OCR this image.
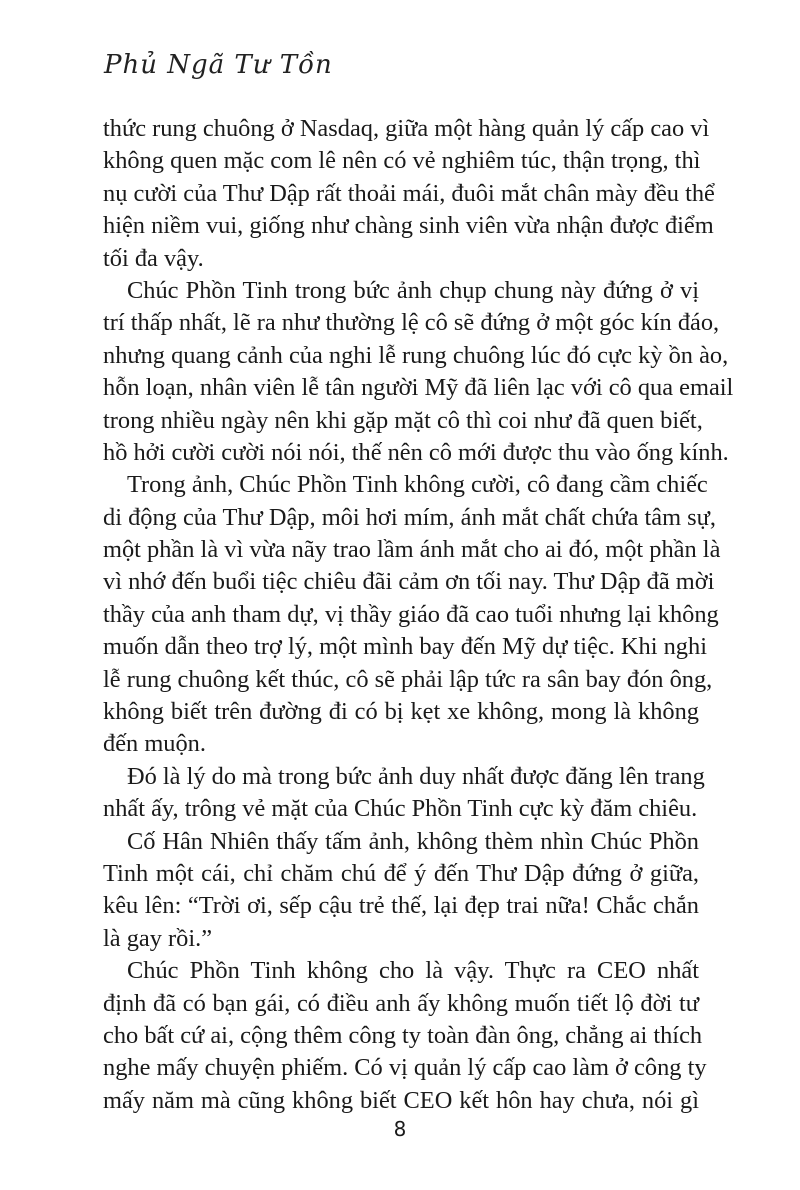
Phủ Ngã Tư Tồn
thức rung chuông ở Nasdaq, giữa một hàng quản lý cấp cao vì
không quen mặc com lê nên có vẻ nghiêm túc, thận trọng, thì
nụ cười của Thư Dập rất thoải mái, đuôi mắt chân mày đều thể
hiện niềm vui, giống như chàng sinh viên vừa nhận được điểm
tối đa vậy.
Chúc Phồn Tinh trong bức ảnh chụp chung này đứng ở vị
trí thấp nhất, lẽ ra như thường lệ cô sẽ đứng ở một góc kín đáo,
nhưng quang cảnh của nghi lễ rung chuông lúc đó cực kỳ ồn ào,
hỗn loạn, nhân viên lễ tân người Mỹ đã liên lạc với cô qua email
trong nhiều ngày nên khi gặp mặt cô thì coi như đã quen biết,
hồ hởi cười cười nói nói, thế nên cô mới được thu vào ống kính.
Trong ảnh, Chúc Phồn Tinh không cười, cô đang cầm chiếc
di động của Thư Dập, môi hơi mím, ánh mắt chất chứa tâm sự,
một phần là vì vừa nãy trao lầm ánh mắt cho ai đó, một phần là
vì nhớ đến buổi tiệc chiêu đãi cảm ơn tối nay. Thư Dập đã mời
thầy của anh tham dự, vị thầy giáo đã cao tuổi nhưng lại không
muốn dẫn theo trợ lý, một mình bay đến Mỹ dự tiệc. Khi nghi
lễ rung chuông kết thúc, cô sẽ phải lập tức ra sân bay đón ông,
không biết trên đường đi có bị kẹt xe không, mong là không
đến muộn.
Đó là lý do mà trong bức ảnh duy nhất được đăng lên trang
nhất ấy, trông vẻ mặt của Chúc Phồn Tinh cực kỳ đăm chiêu.
Cố Hân Nhiên thấy tấm ảnh, không thèm nhìn Chúc Phồn
Tinh một cái, chỉ chăm chú để ý đến Thư Dập đứng ở giữa,
kêu lên: “Trời ơi, sếp cậu trẻ thế, lại đẹp trai nữa! Chắc chắn
là gay rồi.”
Chúc Phồn Tinh không cho là vậy. Thực ra CEO nhất
định đã có bạn gái, có điều anh ấy không muốn tiết lộ đời tư
cho bất cứ ai, cộng thêm công ty toàn đàn ông, chẳng ai thích
nghe mấy chuyện phiếm. Có vị quản lý cấp cao làm ở công ty
mấy năm mà cũng không biết CEO kết hôn hay chưa, nói gì
8
